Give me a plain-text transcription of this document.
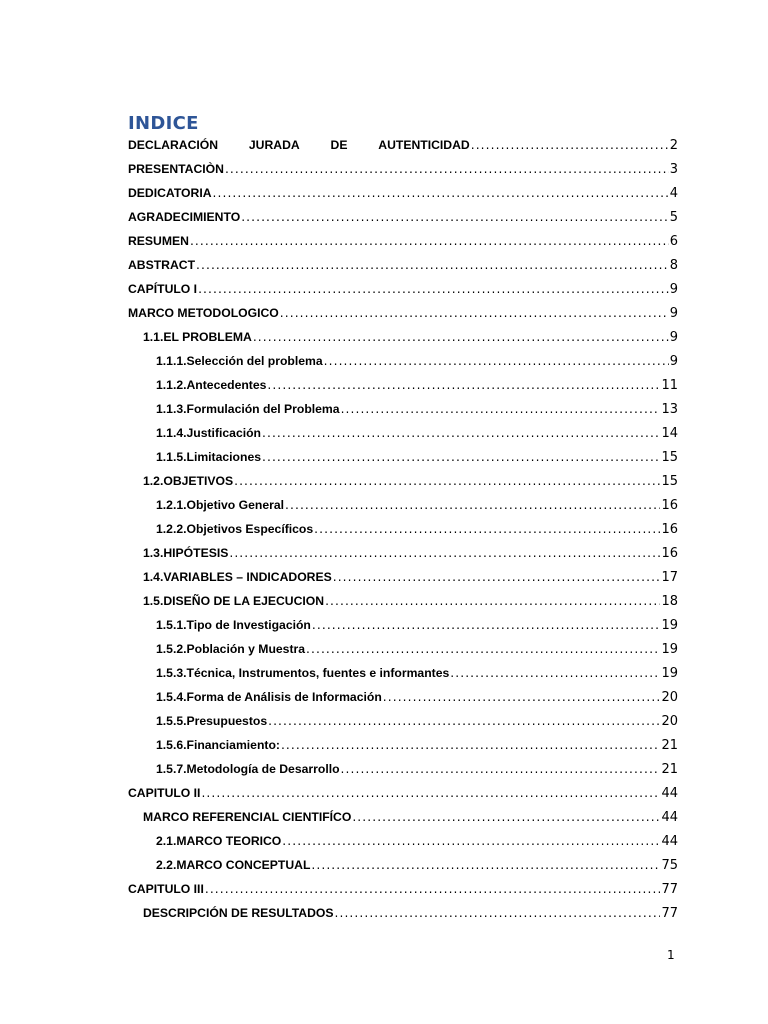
INDICE
DECLARACIÓN	JURADA	DE	AUTENTICIDAD .....	2
PRESENTACIÒN .....	3
DEDICATORIA .....	4
AGRADECIMIENTO .....	5
RESUMEN .....	6
ABSTRACT .....	8
CAPÍTULO I .....	9
MARCO METODOLOGICO .....	9
1.1. EL PROBLEMA .....	9
1.1.1. Selección del problema .....	9
1.1.2. Antecedentes .....	11
1.1.3. Formulación del Problema .....	13
1.1.4. Justificación .....	14
1.1.5. Limitaciones .....	15
1.2. OBJETIVOS .....	15
1.2.1. Objetivo General .....	16
1.2.2. Objetivos Específicos .....	16
1.3. HIPÓTESIS .....	16
1.4. VARIABLES – INDICADORES .....	17
1.5. DISEÑO DE LA EJECUCION .....	18
1.5.1. Tipo de Investigación .....	19
1.5.2. Población y Muestra .....	19
1.5.3. Técnica, Instrumentos, fuentes e informantes .....	19
1.5.4. Forma de Análisis de Información .....	20
1.5.5. Presupuestos .....	20
1.5.6. Financiamiento: .....	21
1.5.7. Metodología de Desarrollo .....	21
CAPITULO II .....	44
MARCO REFERENCIAL CIENTIFÍCO .....	44
2.1. MARCO TEORICO .....	44
2.2. MARCO CONCEPTUAL .....	75
CAPITULO III .....	77
DESCRIPCIÓN DE RESULTADOS .....	77
1
